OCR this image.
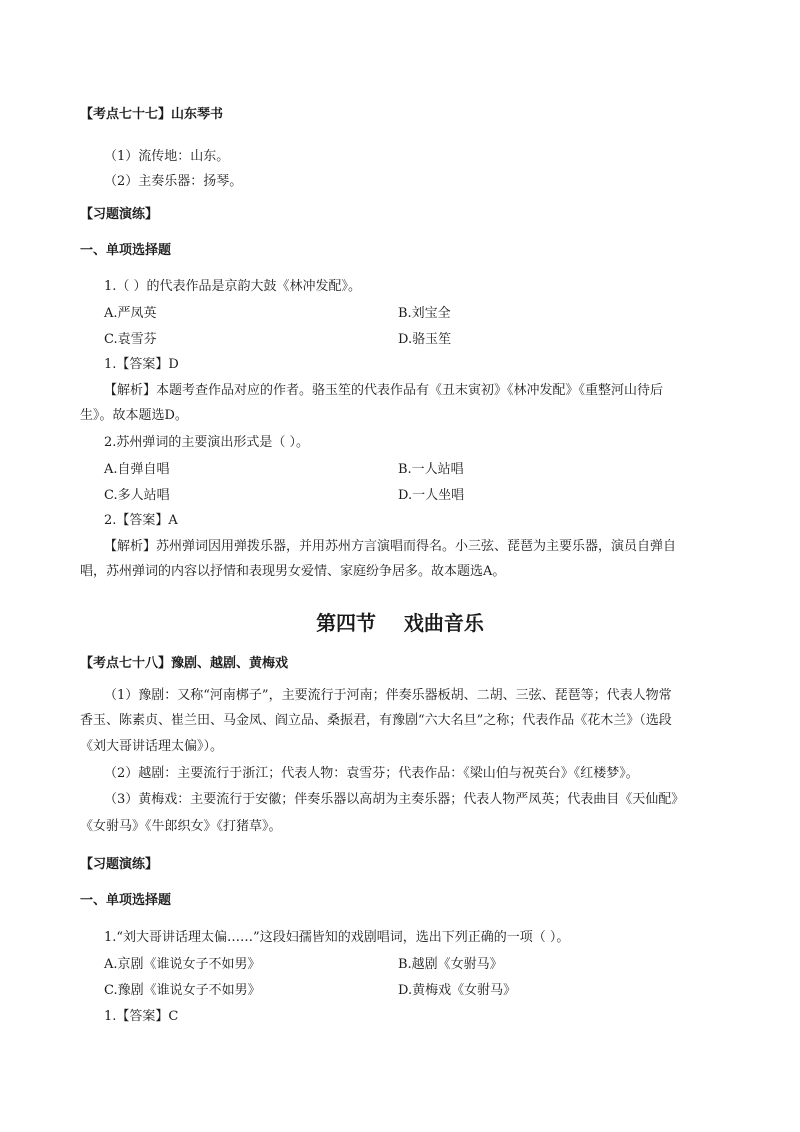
【考点七十七】山东琴书
（1）流传地：山东。
（2）主奏乐器：扬琴。
【习题演练】
一、单项选择题
1.（ ）的代表作品是京韵大鼓《林冲发配》。
A.严凤英	B.刘宝全
C.袁雪芬	D.骆玉笙
1.【答案】D
【解析】本题考查作品对应的作者。骆玉笙的代表作品有《丑末寅初》《林冲发配》《重整河山待后
生》。故本题选D。
2.苏州弹词的主要演出形式是（ ）。
A.自弹自唱	B.一人站唱
C.多人站唱	D.一人坐唱
2.【答案】A
【解析】苏州弹词因用弹拨乐器，并用苏州方言演唱而得名。小三弦、琵琶为主要乐器，演员自弹自
唱，苏州弹词的内容以抒情和表现男女爱情、家庭纷争居多。故本题选A。
第四节    戏曲音乐
【考点七十八】豫剧、越剧、黄梅戏
（1）豫剧：又称“河南梆子”，主要流行于河南；伴奏乐器板胡、二胡、三弦、琵琶等；代表人物常
香玉、陈素贞、崔兰田、马金凤、阎立品、桑振君，有豫剧“六大名旦”之称；代表作品《花木兰》（选段
《刘大哥讲话理太偏》）。
（2）越剧：主要流行于浙江；代表人物：袁雪芬；代表作品：《梁山伯与祝英台》《红楼梦》。
（3）黄梅戏：主要流行于安徽；伴奏乐器以高胡为主奏乐器；代表人物严凤英；代表曲目《天仙配》
《女驸马》《牛郎织女》《打猪草》。
【习题演练】
一、单项选择题
1.“刘大哥讲话理太偏……”这段妇孺皆知的戏剧唱词，选出下列正确的一项（ ）。
A.京剧《谁说女子不如男》	B.越剧《女驸马》
C.豫剧《谁说女子不如男》	D.黄梅戏《女驸马》
1.【答案】C
